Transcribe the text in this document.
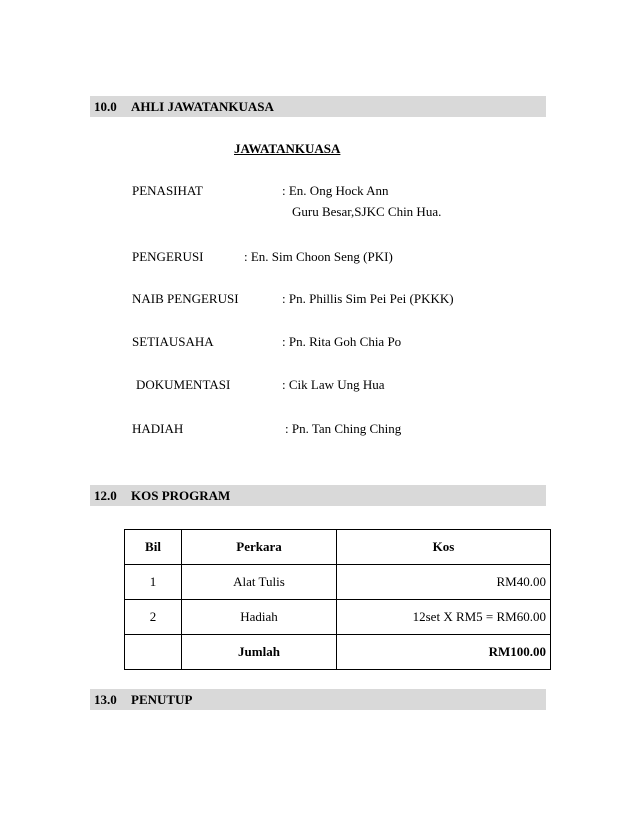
10.0 AHLI JAWATANKUASA
JAWATANKUASA
PENASIHAT	: En. Ong Hock Ann
Guru Besar,SJKC Chin Hua.
PENGERUSI	: En. Sim Choon Seng (PKI)
NAIB PENGERUSI	: Pn. Phillis Sim Pei Pei (PKKK)
SETIAUSAHA	: Pn. Rita Goh Chia Po
DOKUMENTASI	: Cik Law Ung Hua
HADIAH	: Pn. Tan Ching Ching
12.0 KOS PROGRAM
Bil	Perkara	Kos
1	Alat Tulis	RM40.00
2	Hadiah	12set X RM5 = RM60.00
	Jumlah	RM100.00
13.0 PENUTUP
